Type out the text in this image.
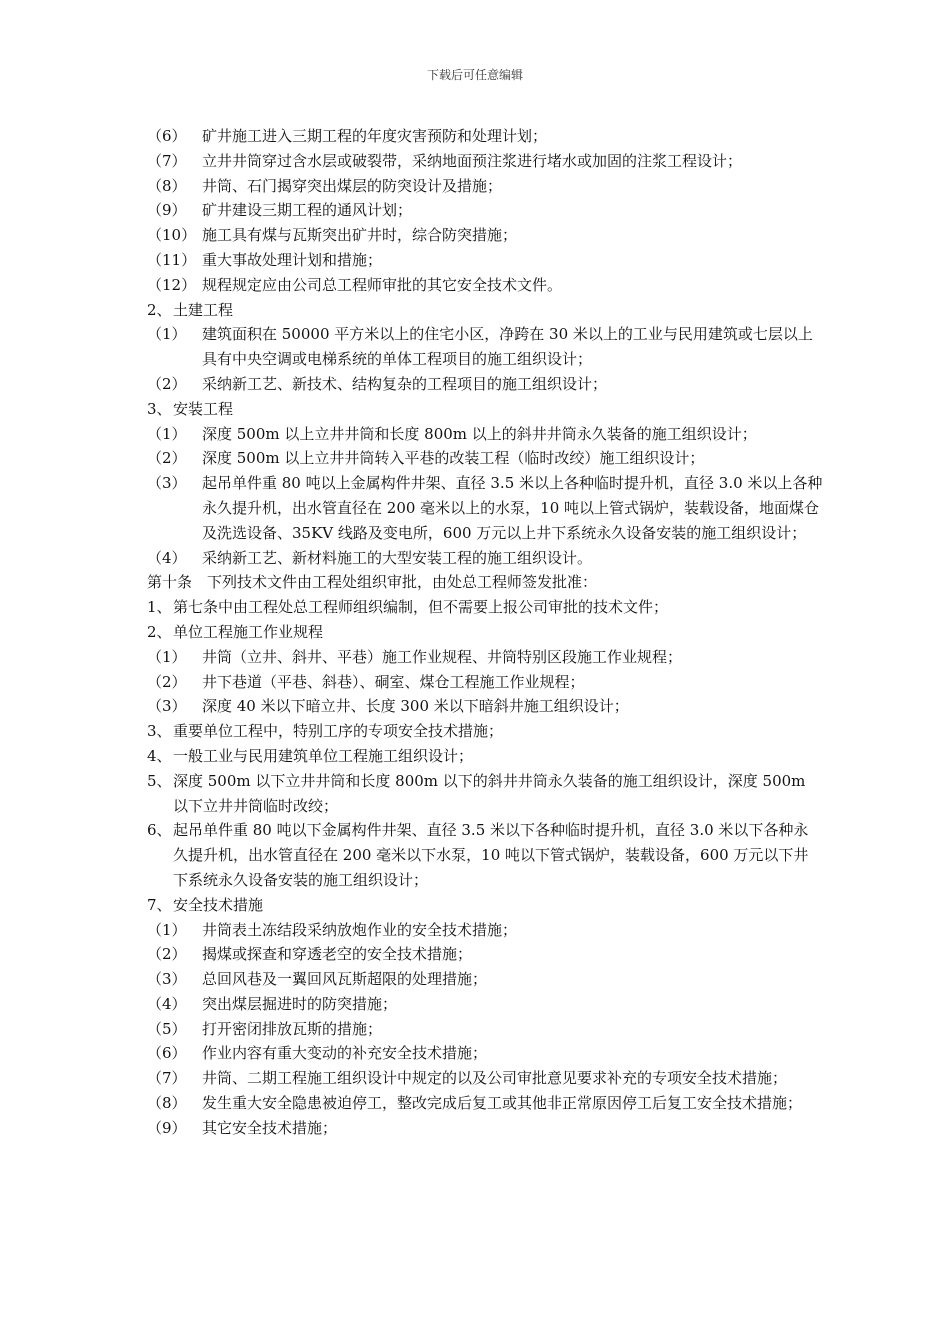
下载后可任意编辑
（6）	矿井施工进入三期工程的年度灾害预防和处理计划；
（7）	立井井筒穿过含水层或破裂带，采纳地面预注浆进行堵水或加固的注浆工程设计；
（8）	井筒、石门揭穿突出煤层的防突设计及措施；
（9）	矿井建设三期工程的通风计划；
（10） 施工具有煤与瓦斯突出矿井时，综合防突措施；
（11） 重大事故处理计划和措施；
（12） 规程规定应由公司总工程师审批的其它安全技术文件。
2、 土建工程
（1）	建筑面积在 50000 平方米以上的住宅小区，净跨在 30 米以上的工业与民用建筑或七层以上具有中央空调或电梯系统的单体工程项目的施工组织设计；
（2）	采纳新工艺、新技术、结构复杂的工程项目的施工组织设计；
3、 安装工程
（1）	深度 500m 以上立井井筒和长度 800m 以上的斜井井筒永久装备的施工组织设计；
（2）	深度 500m 以上立井井筒转入平巷的改装工程（临时改绞）施工组织设计；
（3）	起吊单件重 80 吨以上金属构件井架、直径 3.5 米以上各种临时提升机，直径 3.0 米以上各种永久提升机，出水管直径在 200 毫米以上的水泵，10 吨以上管式锅炉，装载设备，地面煤仓及洗选设备、35KV 线路及变电所，600 万元以上井下系统永久设备安装的施工组织设计；
（4）	采纳新工艺、新材料施工的大型安装工程的施工组织设计。
第十条　下列技术文件由工程处组织审批，由处总工程师签发批准：
1、 第七条中由工程处总工程师组织编制，但不需要上报公司审批的技术文件；
2、 单位工程施工作业规程
（1）	井筒（立井、斜井、平巷）施工作业规程、井筒特别区段施工作业规程；
（2）	井下巷道（平巷、斜巷）、硐室、煤仓工程施工作业规程；
（3）	深度 40 米以下暗立井、长度 300 米以下暗斜井施工组织设计；
3、 重要单位工程中，特别工序的专项安全技术措施；
4、 一般工业与民用建筑单位工程施工组织设计；
5、 深度 500m 以下立井井筒和长度 800m 以下的斜井井筒永久装备的施工组织设计，深度 500m 以下立井井筒临时改绞；
6、 起吊单件重 80 吨以下金属构件井架、直径 3.5 米以下各种临时提升机，直径 3.0 米以下各种永久提升机，出水管直径在 200 毫米以下水泵，10 吨以下管式锅炉，装载设备，600 万元以下井下系统永久设备安装的施工组织设计；
7、 安全技术措施
（1）	井筒表土冻结段采纳放炮作业的安全技术措施；
（2）	揭煤或探查和穿透老空的安全技术措施；
（3）	总回风巷及一翼回风瓦斯超限的处理措施；
（4）	突出煤层掘进时的防突措施；
（5）	打开密闭排放瓦斯的措施；
（6）	作业内容有重大变动的补充安全技术措施；
（7）	井筒、二期工程施工组织设计中规定的以及公司审批意见要求补充的专项安全技术措施；
（8）	发生重大安全隐患被迫停工，整改完成后复工或其他非正常原因停工后复工安全技术措施；
（9）	其它安全技术措施；
